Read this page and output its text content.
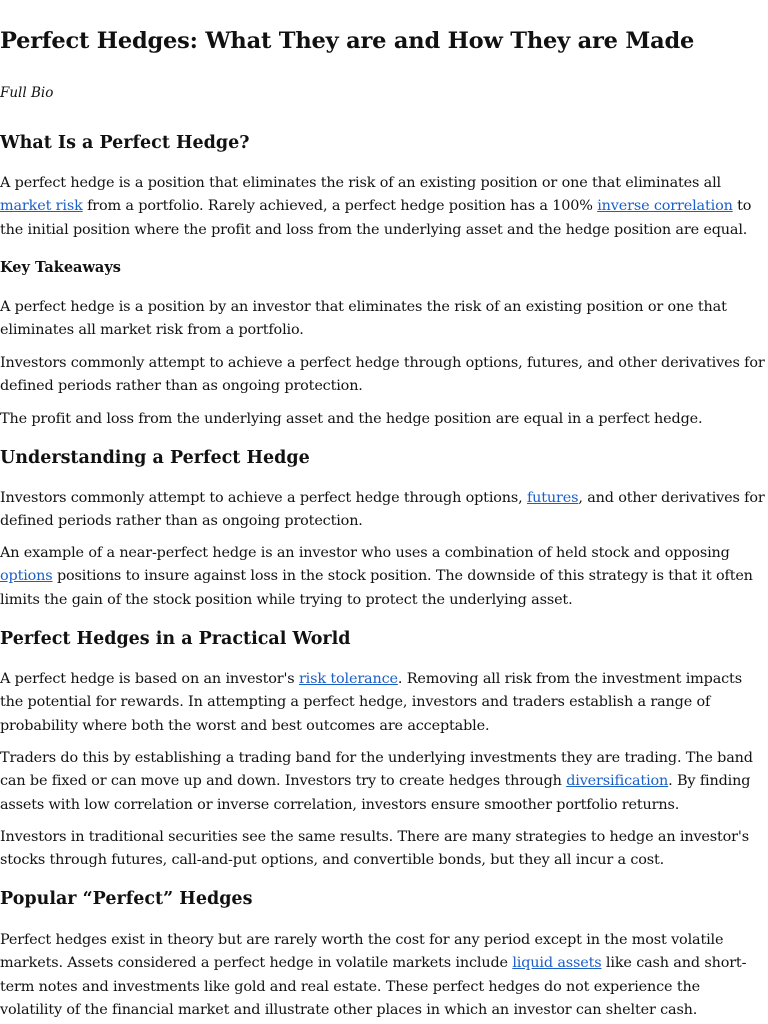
Perfect Hedges: What They are and How They are Made
Full Bio
What Is a Perfect Hedge?

A perfect hedge is a position that eliminates the risk of an existing position or one that eliminates all market risk from a portfolio. Rarely achieved, a perfect hedge position has a 100% inverse correlation to the initial position where the profit and loss from the underlying asset and the hedge position are equal.

Key Takeaways

A perfect hedge is a position by an investor that eliminates the risk of an existing position or one that eliminates all market risk from a portfolio.

Investors commonly attempt to achieve a perfect hedge through options, futures, and other derivatives for defined periods rather than as ongoing protection.

The profit and loss from the underlying asset and the hedge position are equal in a perfect hedge.

Understanding a Perfect Hedge

Investors commonly attempt to achieve a perfect hedge through options, futures, and other derivatives for defined periods rather than as ongoing protection.

An example of a near-perfect hedge is an investor who uses a combination of held stock and opposing options positions to insure against loss in the stock position. The downside of this strategy is that it often limits the gain of the stock position while trying to protect the underlying asset.

Perfect Hedges in a Practical World

A perfect hedge is based on an investor's risk tolerance. Removing all risk from the investment impacts the potential for rewards. In attempting a perfect hedge, investors and traders establish a range of probability where both the worst and best outcomes are acceptable.

Traders do this by establishing a trading band for the underlying investments they are trading. The band can be fixed or can move up and down. Investors try to create hedges through diversification. By finding assets with low correlation or inverse correlation, investors ensure smoother portfolio returns.

Investors in traditional securities see the same results. There are many strategies to hedge an investor's stocks through futures, call-and-put options, and convertible bonds, but they all incur a cost.

Popular “Perfect” Hedges

Perfect hedges exist in theory but are rarely worth the cost for any period except in the most volatile markets. Assets considered a perfect hedge in volatile markets include liquid assets like cash and short-term notes and investments like gold and real estate. These perfect hedges do not experience the volatility of the financial market and illustrate other places in which an investor can shelter cash.
